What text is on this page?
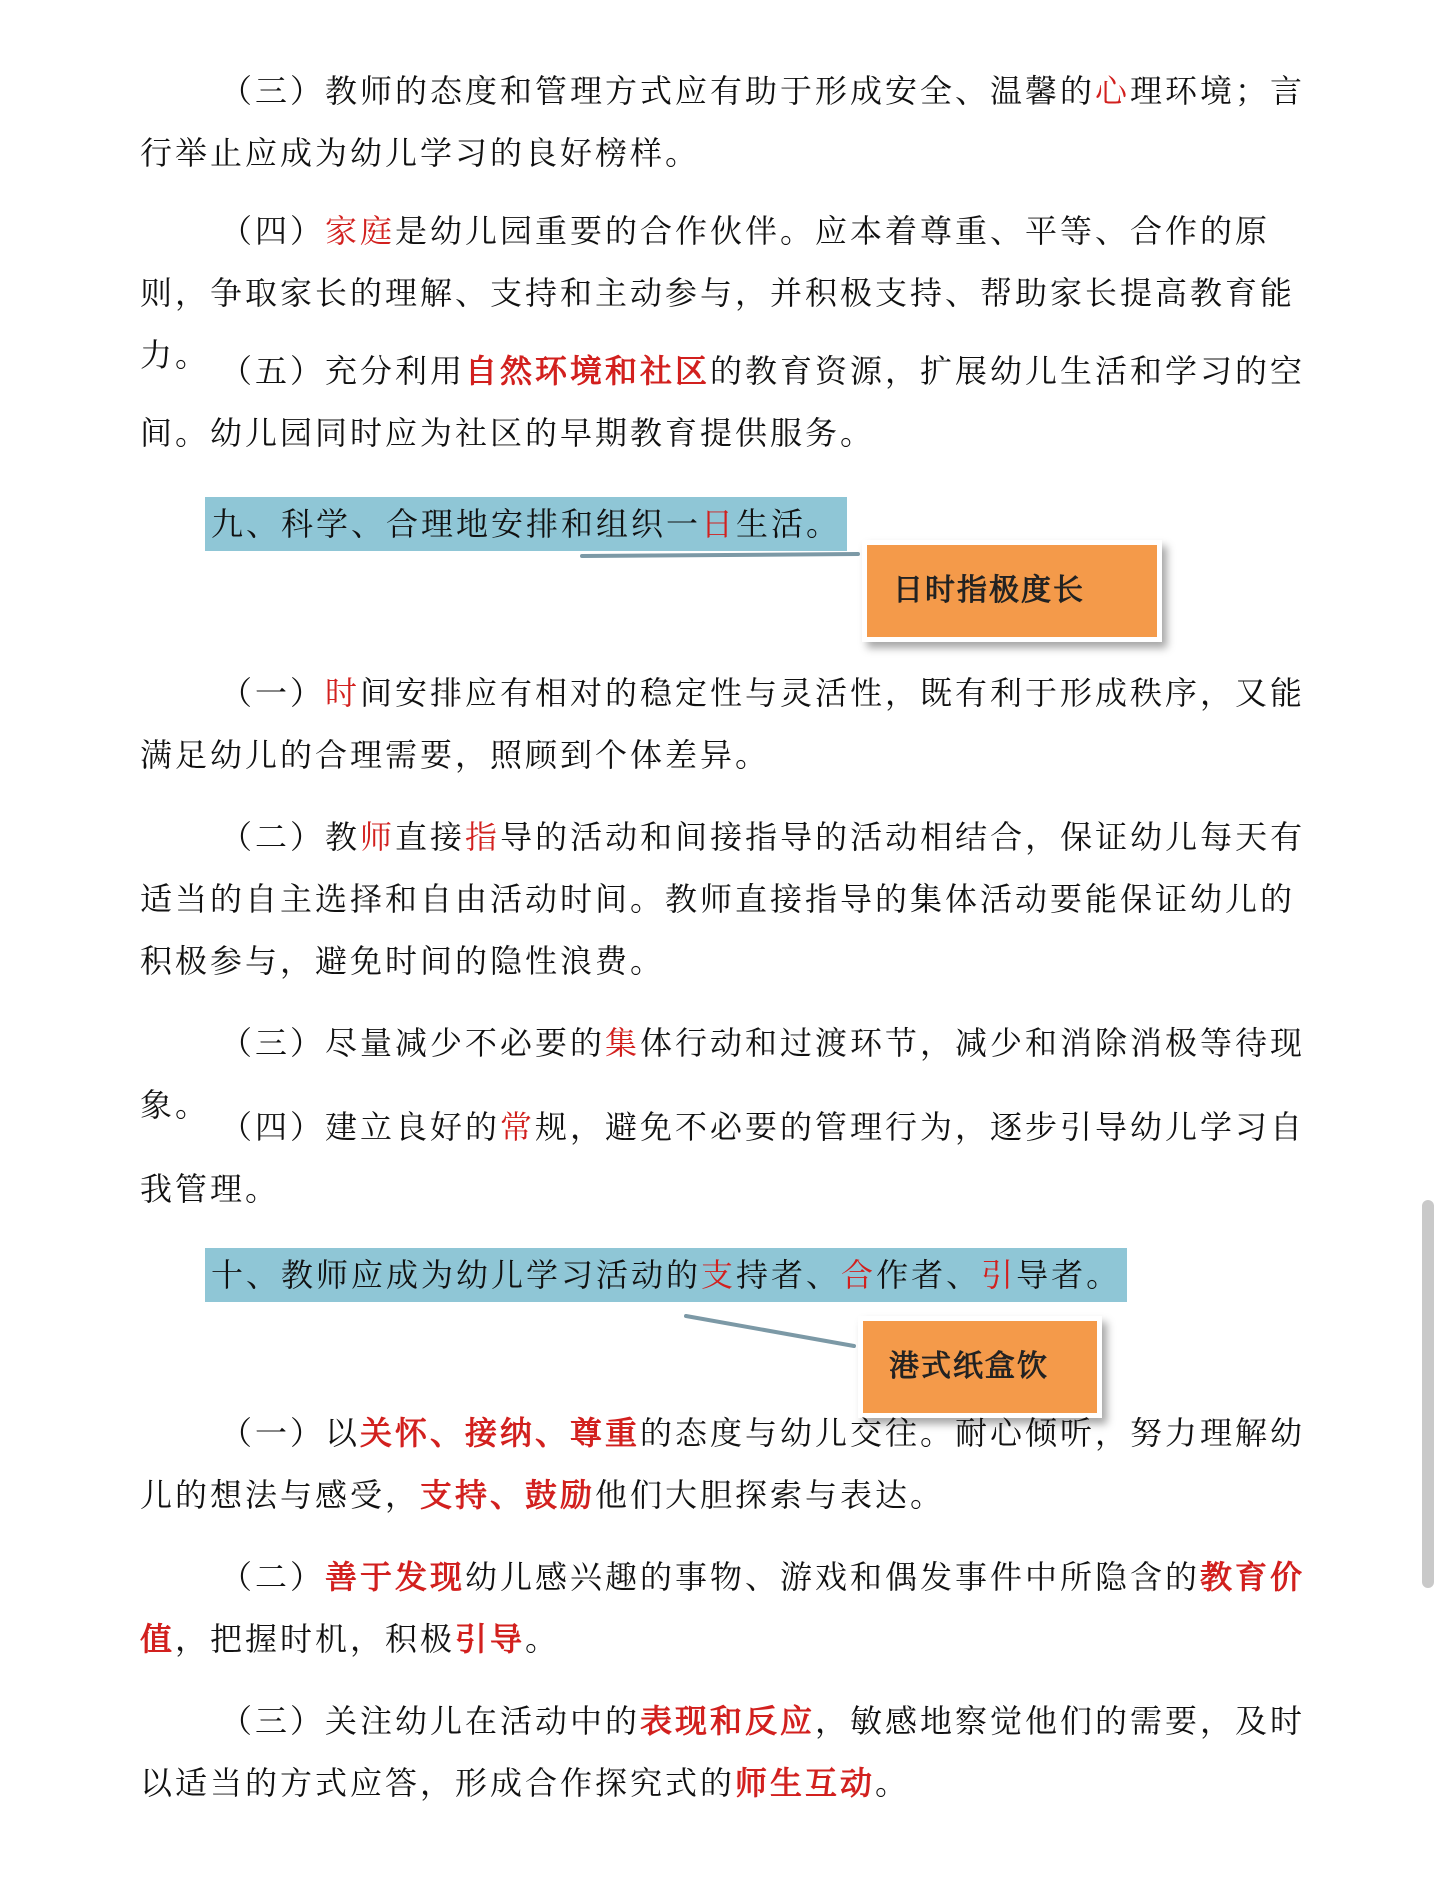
（三）教师的态度和管理方式应有助于形成安全、温馨的心理环境；言行举止应成为幼儿学习的良好榜样。

（四）家庭是幼儿园重要的合作伙伴。应本着尊重、平等、合作的原则，争取家长的理解、支持和主动参与，并积极支持、帮助家长提高教育能力。 （五）充分利用自然环境和社区的教育资源，扩展幼儿生活和学习的空间。幼儿园同时应为社区的早期教育提供服务。

九、科学、合理地安排和组织一日生活。
日时指极度长

（一）时间安排应有相对的稳定性与灵活性，既有利于形成秩序，又能满足幼儿的合理需要，照顾到个体差异。

（二）教师直接指导的活动和间接指导的活动相结合，保证幼儿每天有适当的自主选择和自由活动时间。教师直接指导的集体活动要能保证幼儿的积极参与，避免时间的隐性浪费。

（三）尽量减少不必要的集体行动和过渡环节，减少和消除消极等待现象。

（四）建立良好的常规，避免不必要的管理行为，逐步引导幼儿学习自我管理。

十、教师应成为幼儿学习活动的支持者、合作者、引导者。
港式纸盒饮

（一）以关怀、接纳、尊重的态度与幼儿交往。耐心倾听，努力理解幼儿的想法与感受，支持、鼓励他们大胆探索与表达。

（二）善于发现幼儿感兴趣的事物、游戏和偶发事件中所隐含的教育价值，把握时机，积极引导。

（三）关注幼儿在活动中的表现和反应，敏感地察觉他们的需要，及时以适当的方式应答，形成合作探究式的师生互动。
